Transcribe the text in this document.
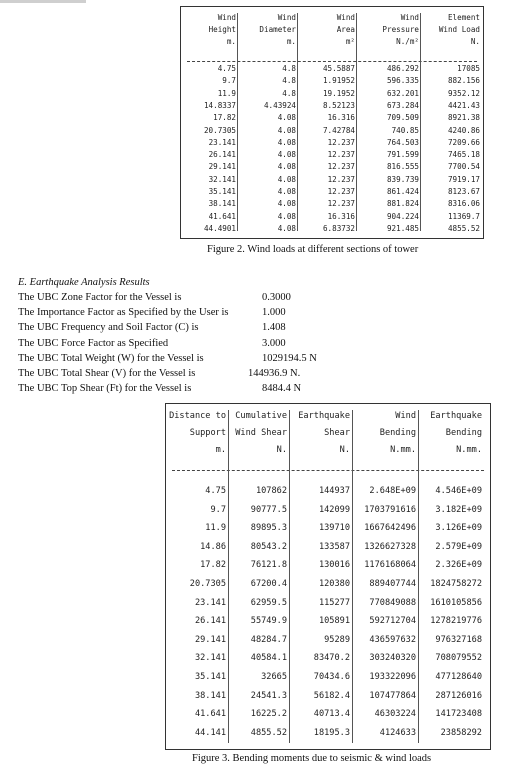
Wind	Wind	Wind	Wind	Element
Height	Diameter	Area	Pressure	Wind Load
m.	m.	m²	N./m²	N.
4.75	4.8	45.5887	486.292	17085
9.7	4.8	1.91952	596.335	882.156
11.9	4.8	19.1952	632.201	9352.12
14.8337	4.43924	8.52123	673.284	4421.43
17.82	4.08	16.316	709.509	8921.38
20.7305	4.08	7.42784	740.85	4240.86
23.141	4.08	12.237	764.503	7209.66
26.141	4.08	12.237	791.599	7465.18
29.141	4.08	12.237	816.555	7700.54
32.141	4.08	12.237	839.739	7919.17
35.141	4.08	12.237	861.424	8123.67
38.141	4.08	12.237	881.824	8316.06
41.641	4.08	16.316	904.224	11369.7
44.4901	4.08	6.83732	921.485	4855.52
Figure 2. Wind loads at different sections of tower
E. Earthquake Analysis Results
The UBC Zone Factor for the Vessel is	0.3000
The Importance Factor as Specified by the User is	1.000
The UBC Frequency and Soil Factor (C) is	1.408
The UBC Force Factor as Specified	3.000
The UBC Total Weight (W) for the Vessel is	1029194.5 N
The UBC Total Shear (V) for the Vessel is	144936.9 N.
The UBC Top Shear (Ft) for the Vessel is	8484.4 N
Distance to	Cumulative	Earthquake	Wind	Earthquake
Support	Wind Shear	Shear	Bending	Bending
m.	N.	N.	N.mm.	N.mm.
4.75	107862	144937	2.648E+09	4.546E+09
9.7	90777.5	142099	1703791616	3.182E+09
11.9	89895.3	139710	1667642496	3.126E+09
14.86	80543.2	133587	1326627328	2.579E+09
17.82	76121.8	130016	1176168064	2.326E+09
20.7305	67200.4	120380	889407744	1824758272
23.141	62959.5	115277	770849088	1610105856
26.141	55749.9	105891	592712704	1278219776
29.141	48284.7	95289	436597632	976327168
32.141	40584.1	83470.2	303240320	708079552
35.141	32665	70434.6	193322096	477128640
38.141	24541.3	56182.4	107477864	287126016
41.641	16225.2	40713.4	46303224	141723408
44.141	4855.52	18195.3	4124633	23858292
Figure 3. Bending moments due to seismic & wind loads
